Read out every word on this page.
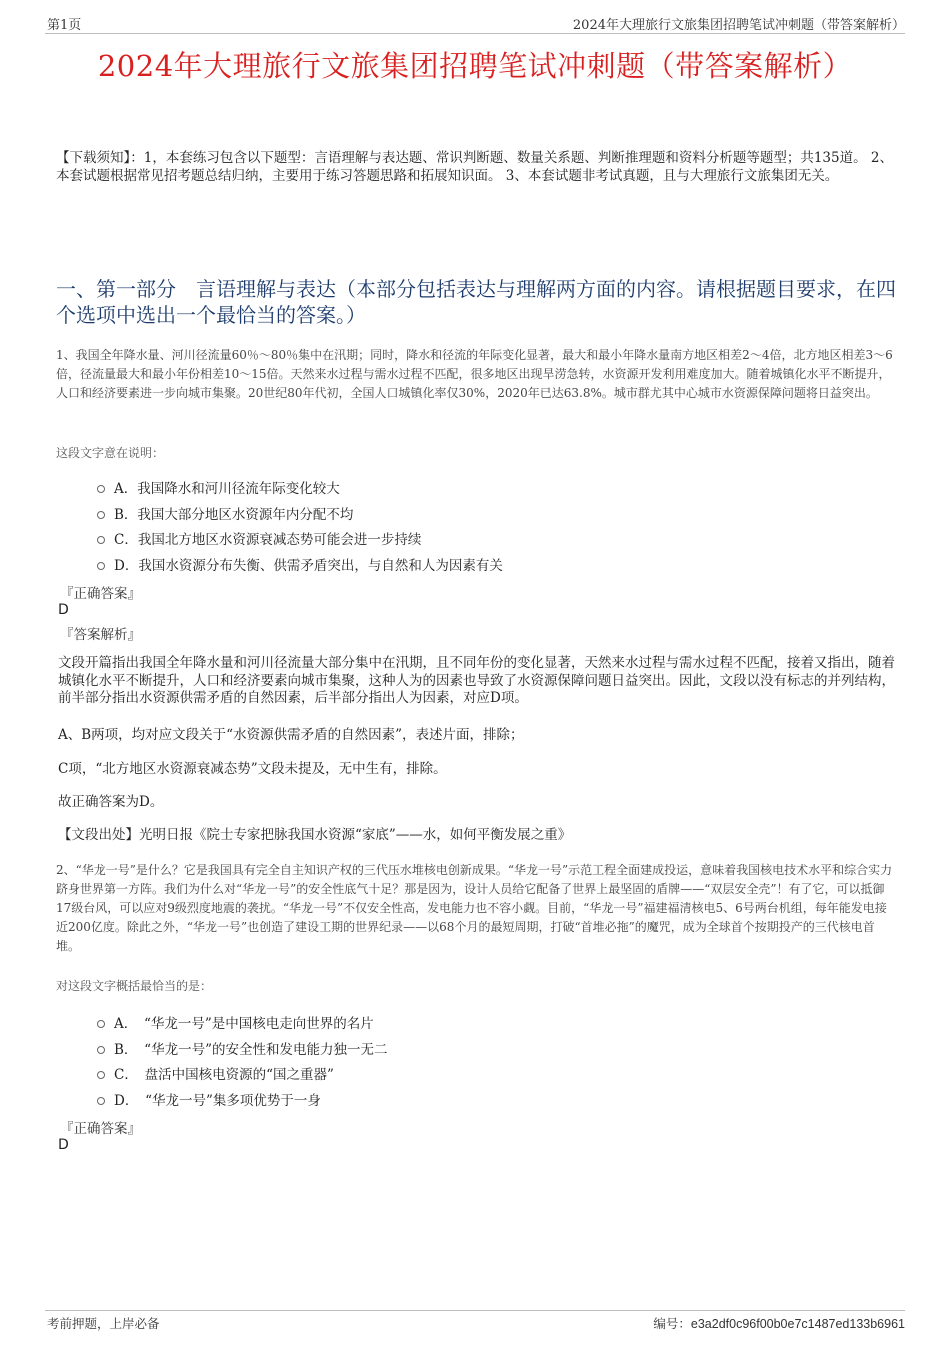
第1页	2024年大理旅行文旅集团招聘笔试冲刺题（带答案解析）
2024年大理旅行文旅集团招聘笔试冲刺题（带答案解析）
【下载须知】：1，本套练习包含以下题型：言语理解与表达题、常识判断题、数量关系题、判断推理题和资料分析题等题型；共135道。 2、本套试题根据常见招考题总结归纳，主要用于练习答题思路和拓展知识面。 3、本套试题非考试真题，且与大理旅行文旅集团无关。
一、第一部分　言语理解与表达（本部分包括表达与理解两方面的内容。请根据题目要求，在四个选项中选出一个最恰当的答案。）
1、我国全年降水量、河川径流量60％～80％集中在汛期；同时，降水和径流的年际变化显著，最大和最小年降水量南方地区相差2～4倍，北方地区相差3～6倍，径流量最大和最小年份相差10～15倍。天然来水过程与需水过程不匹配，很多地区出现旱涝急转，水资源开发利用难度加大。随着城镇化水平不断提升，人口和经济要素进一步向城市集聚。20世纪80年代初，全国人口城镇化率仅30%，2020年已达63.8%。城市群尤其中心城市水资源保障问题将日益突出。
这段文字意在说明：
A．我国降水和河川径流年际变化较大
B．我国大部分地区水资源年内分配不均
C．我国北方地区水资源衰减态势可能会进一步持续
D．我国水资源分布失衡、供需矛盾突出，与自然和人为因素有关
『正确答案』
D
『答案解析』
文段开篇指出我国全年降水量和河川径流量大部分集中在汛期，且不同年份的变化显著，天然来水过程与需水过程不匹配，接着又指出，随着城镇化水平不断提升，人口和经济要素向城市集聚，这种人为的因素也导致了水资源保障问题日益突出。因此，文段以没有标志的并列结构，前半部分指出水资源供需矛盾的自然因素，后半部分指出人为因素，对应D项。
A、B两项，均对应文段关于“水资源供需矛盾的自然因素”，表述片面，排除；
C项，“北方地区水资源衰减态势”文段未提及，无中生有，排除。
故正确答案为D。
【文段出处】光明日报《院士专家把脉我国水资源“家底”——水，如何平衡发展之重》
2、“华龙一号”是什么？它是我国具有完全自主知识产权的三代压水堆核电创新成果。“华龙一号”示范工程全面建成投运，意味着我国核电技术水平和综合实力跻身世界第一方阵。我们为什么对“华龙一号”的安全性底气十足？那是因为，设计人员给它配备了世界上最坚固的盾牌——“双层安全壳”！有了它，可以抵御17级台风，可以应对9级烈度地震的袭扰。“华龙一号”不仅安全性高，发电能力也不容小觑。目前，“华龙一号”福建福清核电5、6号两台机组，每年能发电接近200亿度。除此之外，“华龙一号”也创造了建设工期的世界纪录——以68个月的最短周期，打破“首堆必拖”的魔咒，成为全球首个按期投产的三代核电首堆。
对这段文字概括最恰当的是：
A．　“华龙一号”是中国核电走向世界的名片
B．　“华龙一号”的安全性和发电能力独一无二
C．　盘活中国核电资源的“国之重器”
D．　“华龙一号”集多项优势于一身
『正确答案』
D
考前押题，上岸必备	编号：e3a2df0c96f00b0e7c1487ed133b6961
